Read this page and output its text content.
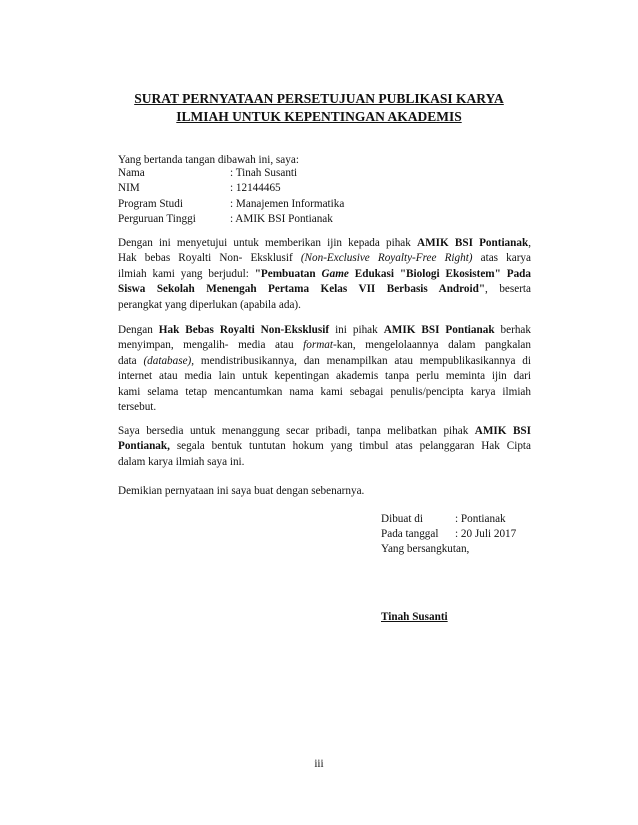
SURAT PERNYATAAN PERSETUJUAN PUBLIKASI KARYA
ILMIAH UNTUK KEPENTINGAN AKADEMIS
Yang bertanda tangan dibawah ini, saya:
Nama	: Tinah Susanti
NIM	: 12144465
Program Studi	: Manajemen Informatika
Perguruan Tinggi	: AMIK BSI Pontianak
Dengan ini menyetujui untuk memberikan ijin kepada pihak AMIK BSI Pontianak,
Hak bebas Royalti Non- Eksklusif (Non-Exclusive Royalty-Free Right) atas karya
ilmiah kami yang berjudul: "Pembuatan Game Edukasi "Biologi Ekosistem" Pada
Siswa Sekolah Menengah Pertama Kelas VII Berbasis Android", beserta
perangkat yang diperlukan (apabila ada).
Dengan Hak Bebas Royalti Non-Eksklusif ini pihak AMIK BSI Pontianak berhak
menyimpan, mengalih- media atau format-kan, mengelolaannya dalam pangkalan
data (database), mendistribusikannya, dan menampilkan atau mempublikasikannya di
internet atau media lain untuk kepentingan akademis tanpa perlu meminta ijin dari
kami selama tetap mencantumkan nama kami sebagai penulis/pencipta karya ilmiah
tersebut.
Saya bersedia untuk menanggung secar pribadi, tanpa melibatkan pihak AMIK BSI
Pontianak, segala bentuk tuntutan hokum yang timbul atas pelanggaran Hak Cipta
dalam karya ilmiah saya ini.
Demikian pernyataan ini saya buat dengan sebenarnya.
Dibuat di	: Pontianak
Pada tanggal	: 20 Juli 2017
Yang bersangkutan,
Tinah Susanti
iii
